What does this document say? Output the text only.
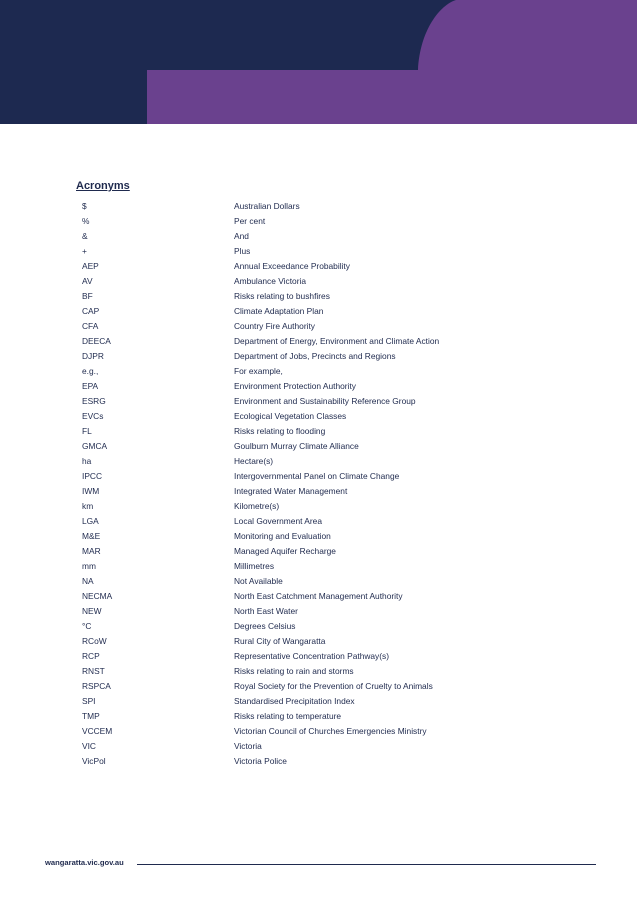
Acronyms
$	Australian Dollars
%	Per cent
&	And
+	Plus
AEP	Annual Exceedance Probability
AV	Ambulance Victoria
BF	Risks relating to bushfires
CAP	Climate Adaptation Plan
CFA	Country Fire Authority
DEECA	Department of Energy, Environment and Climate Action
DJPR	Department of Jobs, Precincts and Regions
e.g.,	For example,
EPA	Environment Protection Authority
ESRG	Environment and Sustainability Reference Group
EVCs	Ecological Vegetation Classes
FL	Risks relating to flooding
GMCA	Goulburn Murray Climate Alliance
ha	Hectare(s)
IPCC	Intergovernmental Panel on Climate Change
IWM	Integrated Water Management
km	Kilometre(s)
LGA	Local Government Area
M&E	Monitoring and Evaluation
MAR	Managed Aquifer Recharge
mm	Millimetres
NA	Not Available
NECMA	North East Catchment Management Authority
NEW	North East Water
°C	Degrees Celsius
RCoW	Rural City of Wangaratta
RCP	Representative Concentration Pathway(s)
RNST	Risks relating to rain and storms
RSPCA	Royal Society for the Prevention of Cruelty to Animals
SPI	Standardised Precipitation Index
TMP	Risks relating to temperature
VCCEM	Victorian Council of Churches Emergencies Ministry
VIC	Victoria
VicPol	Victoria Police
wangaratta.vic.gov.au
